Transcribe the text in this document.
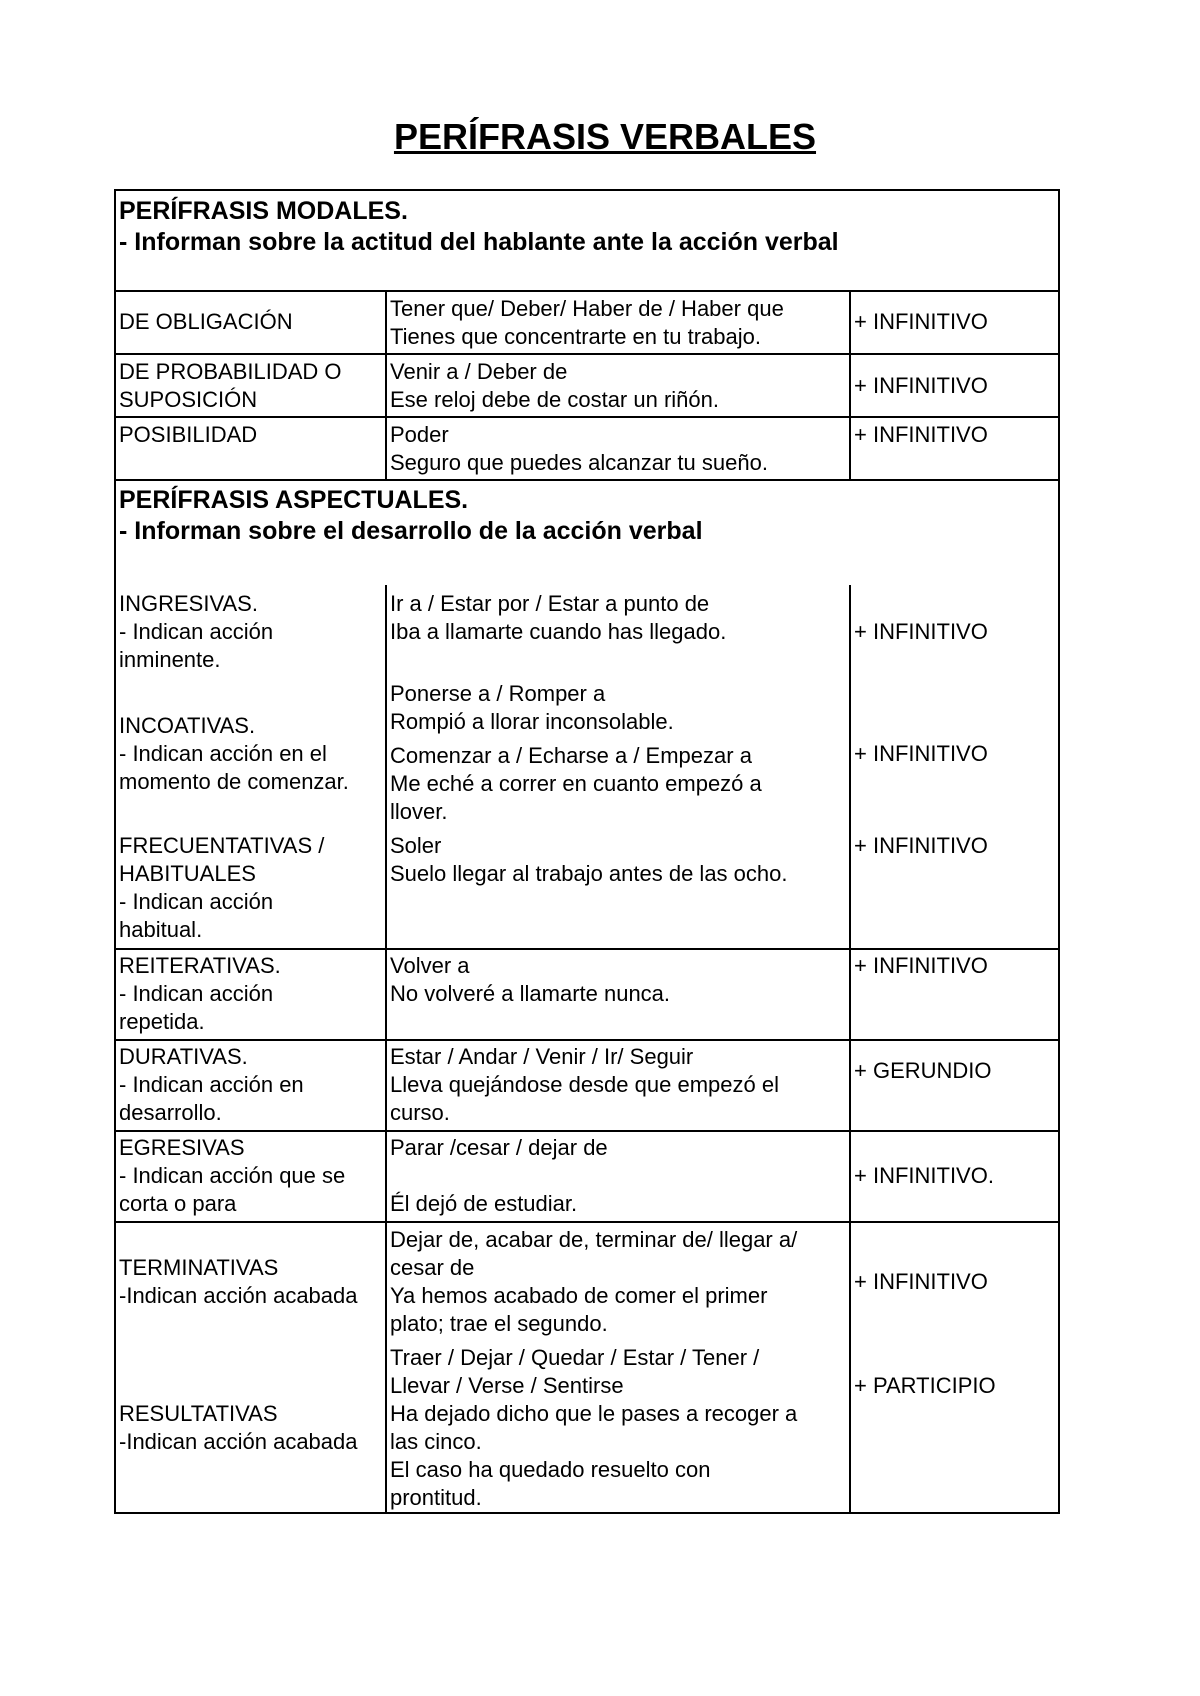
PERÍFRASIS VERBALES
PERÍFRASIS MODALES.
- Informan sobre la actitud del hablante ante la acción verbal
DE OBLIGACIÓN
Tener que/ Deber/ Haber de / Haber que
Tienes que concentrarte en tu trabajo.
+ INFINITIVO
DE PROBABILIDAD O
SUPOSICIÓN
Venir a / Deber de
Ese reloj debe de costar un riñón.
+ INFINITIVO
POSIBILIDAD	Poder
Seguro que puedes alcanzar tu sueño.
+ INFINITIVO
PERÍFRASIS ASPECTUALES.
- Informan sobre el desarrollo de la acción verbal
INGRESIVAS.
- Indican acción
inminente.
Ir a / Estar por / Estar a punto de
Iba a llamarte cuando has llegado.	+ INFINITIVO
INCOATIVAS.
- Indican acción en el
momento de comenzar.
Ponerse a / Romper a
Rompió a llorar inconsolable.
Comenzar a / Echarse a / Empezar a
Me eché a correr en cuanto empezó a
llover.
+ INFINITIVO
FRECUENTATIVAS /
HABITUALES
- Indican acción
habitual.
Soler
Suelo llegar al trabajo antes de las ocho.
+ INFINITIVO
REITERATIVAS.
- Indican acción
repetida.
Volver a
No volveré a llamarte nunca.
+ INFINITIVO
DURATIVAS.
- Indican acción en
desarrollo.
Estar / Andar / Venir / Ir/ Seguir
Lleva quejándose desde que empezó el
curso.
+ GERUNDIO
EGRESIVAS
- Indican acción que se
corta o para
Parar /cesar / dejar de
Él dejó de estudiar.
+ INFINITIVO.
TERMINATIVAS
-Indican acción acabada
Dejar de, acabar de, terminar de/ llegar a/
cesar de
Ya hemos acabado de comer el primer
plato; trae el segundo.
+ INFINITIVO
RESULTATIVAS
-Indican acción acabada
Traer / Dejar / Quedar / Estar / Tener /
Llevar / Verse / Sentirse
Ha dejado dicho que le pases a recoger a
las cinco.
El caso ha quedado resuelto con
prontitud.
+ PARTICIPIO
